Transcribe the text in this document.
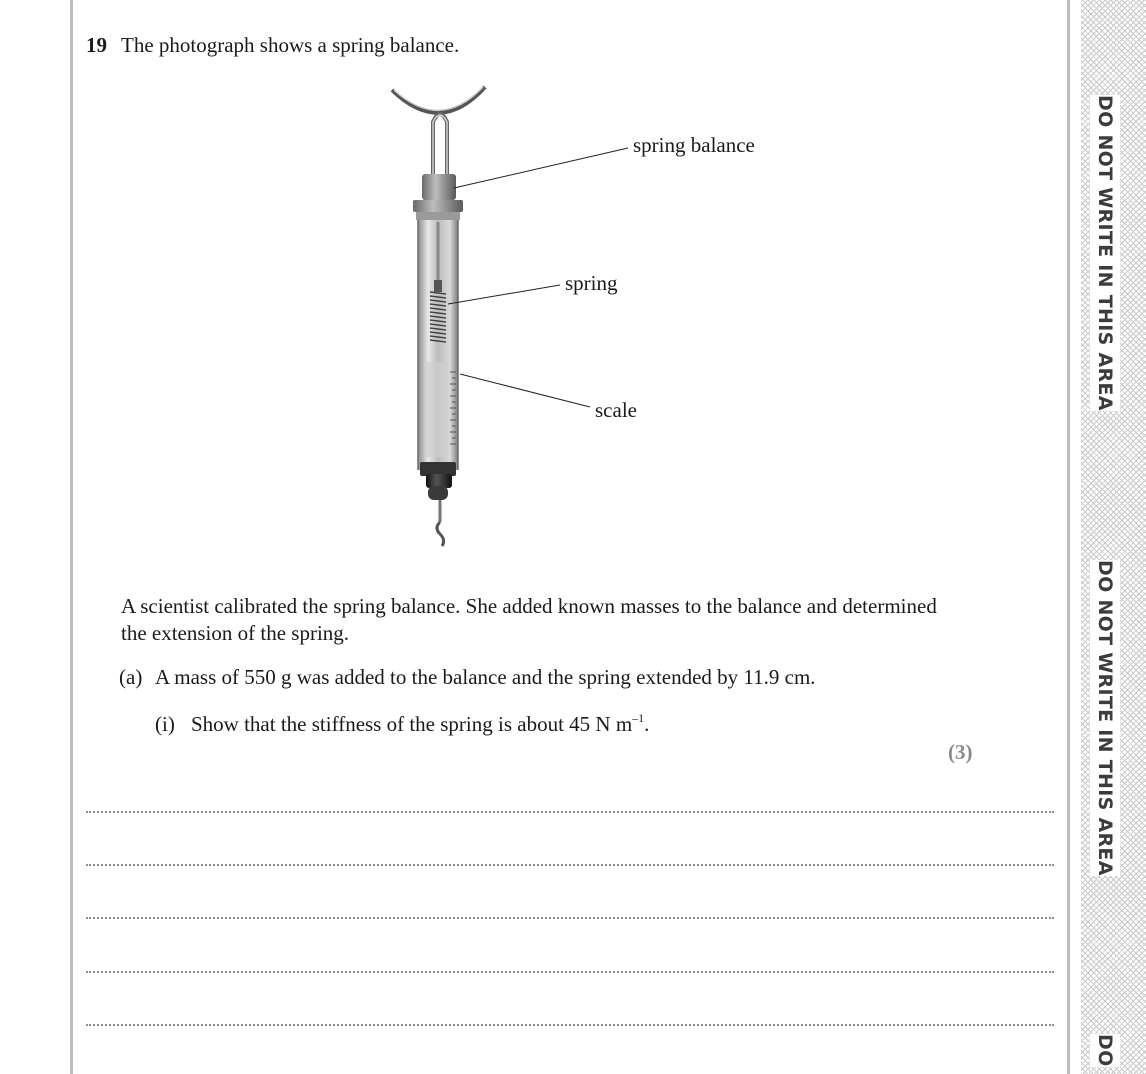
DO NOT WRITE IN THIS AREA
DO NOT WRITE IN THIS AREA
DO
19 The photograph shows a spring balance.
spring balance
spring
scale
A scientist calibrated the spring balance. She added known masses to the balance and determined the extension of the spring.
(a) A mass of 550 g was added to the balance and the spring extended by 11.9 cm.
(i) Show that the stiffness of the spring is about 45 N $m^{-1}$.
(3)
